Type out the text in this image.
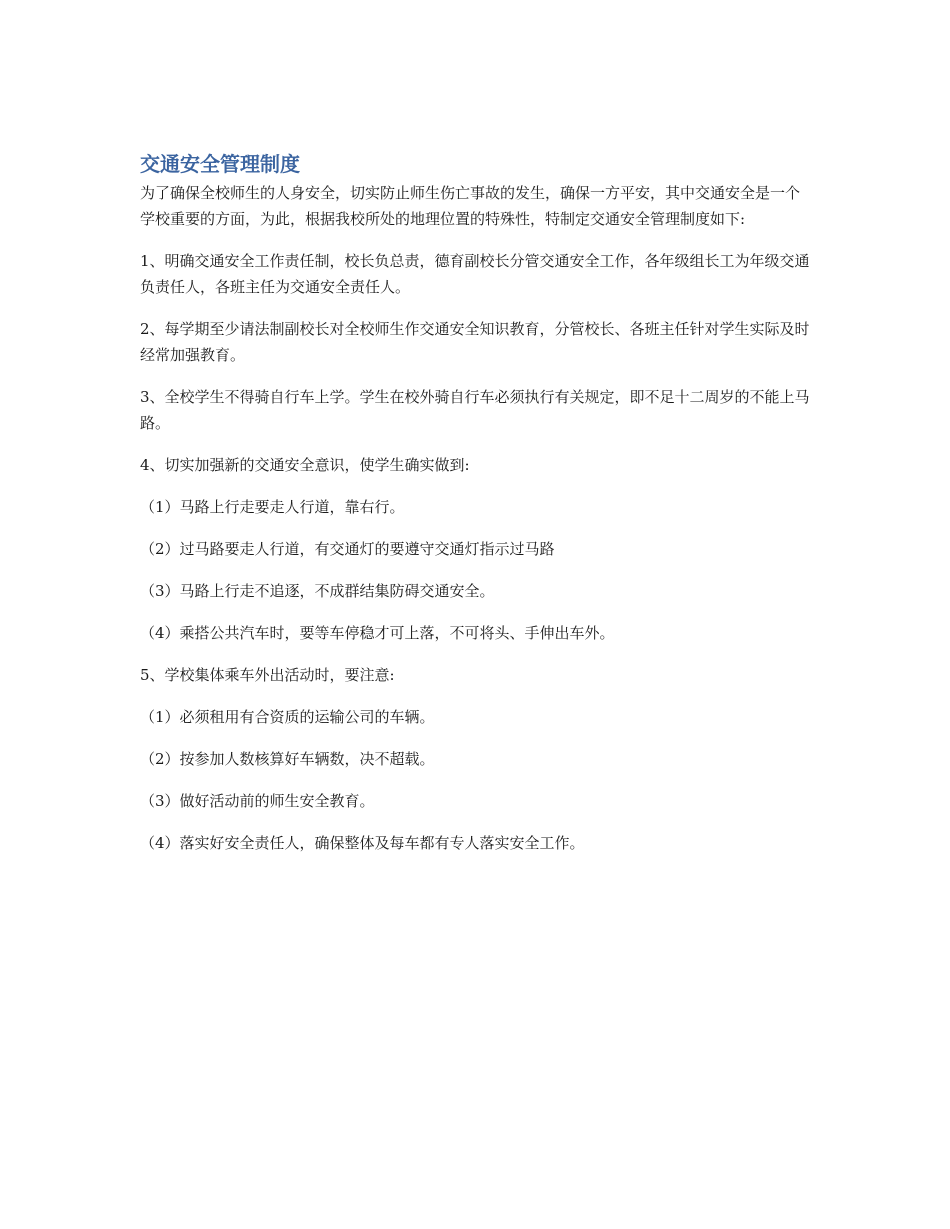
交通安全管理制度

为了确保全校师生的人身安全，切实防止师生伤亡事故的发生，确保一方平安，其中交通安全是一个学校重要的方面，为此，根据我校所处的地理位置的特殊性，特制定交通安全管理制度如下:

1、明确交通安全工作责任制，校长负总责，德育副校长分管交通安全工作，各年级组长工为年级交通负责任人，各班主任为交通安全责任人。

2、每学期至少请法制副校长对全校师生作交通安全知识教育，分管校长、各班主任针对学生实际及时经常加强教育。

3、全校学生不得骑自行车上学。学生在校外骑自行车必须执行有关规定，即不足十二周岁的不能上马路。

4、切实加强新的交通安全意识，使学生确实做到:

（1）马路上行走要走人行道，靠右行。

（2）过马路要走人行道，有交通灯的要遵守交通灯指示过马路

（3）马路上行走不追逐，不成群结集防碍交通安全。

（4）乘搭公共汽车时，要等车停稳才可上落，不可将头、手伸出车外。

5、学校集体乘车外出活动时，要注意:

（1）必须租用有合资质的运输公司的车辆。

（2）按参加人数核算好车辆数，决不超载。

（3）做好活动前的师生安全教育。

（4）落实好安全责任人，确保整体及每车都有专人落实安全工作。
